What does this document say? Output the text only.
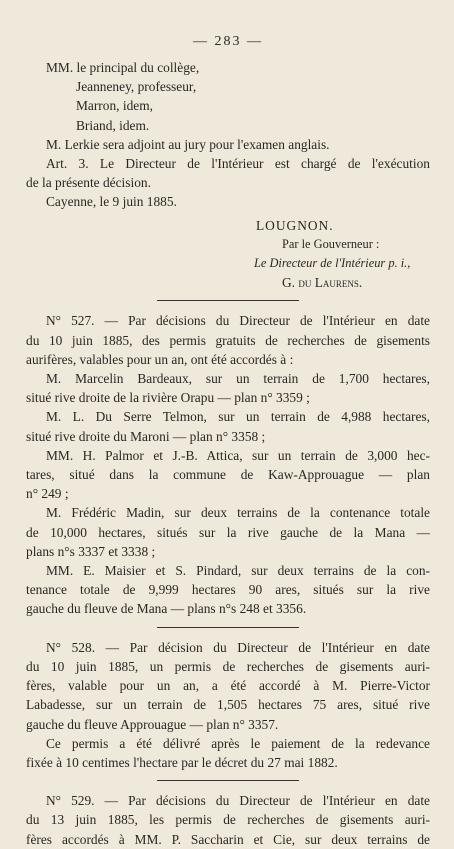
— 283 —
MM. le principal du collège,
Jeanneney, professeur,
Marron, idem,
Briand, idem.
M. Lerkie sera adjoint au jury pour l'examen anglais.
Art. 3. Le Directeur de l'Intérieur est chargé de l'exécution
de la présente décision.
Cayenne, le 9 juin 1885.
LOUGNON.
Par le Gouverneur :
Le Directeur de l'Intérieur p. i.,
G. du Laurens.
N° 527. — Par décisions du Directeur de l'Intérieur en date
du 10 juin 1885, des permis gratuits de recherches de gisements
aurifères, valables pour un an, ont été accordés à :
M. Marcelin Bardeaux, sur un terrain de 1,700 hectares,
situé rive droite de la rivière Orapu — plan n° 3359 ;
M. L. Du Serre Telmon, sur un terrain de 4,988 hectares,
situé rive droite du Maroni — plan n° 3358 ;
MM. H. Palmor et J.-B. Attica, sur un terrain de 3,000 hec-
tares, situé dans la commune de Kaw-Approuague — plan
n° 249 ;
M. Frédéric Madin, sur deux terrains de la contenance totale
de 10,000 hectares, situés sur la rive gauche de la Mana —
plans n°s 3337 et 3338 ;
MM. E. Maisier et S. Pindard, sur deux terrains de la con-
tenance totale de 9,999 hectares 90 ares, situés sur la rive
gauche du fleuve de Mana — plans n°s 248 et 3356.
N° 528. — Par décision du Directeur de l'Intérieur en date
du 10 juin 1885, un permis de recherches de gisements auri-
fères, valable pour un an, a été accordé à M. Pierre-Victor
Labadesse, sur un terrain de 1,505 hectares 75 ares, situé rive
gauche du fleuve Approuague — plan n° 3357.
Ce permis a été délivré après le paiement de la redevance
fixée à 10 centimes l'hectare par le décret du 27 mai 1882.
N° 529. — Par décisions du Directeur de l'Intérieur en date
du 13 juin 1885, les permis de recherches de gisements auri-
fères accordés à MM. P. Saccharin et Cie, sur deux terrains de
